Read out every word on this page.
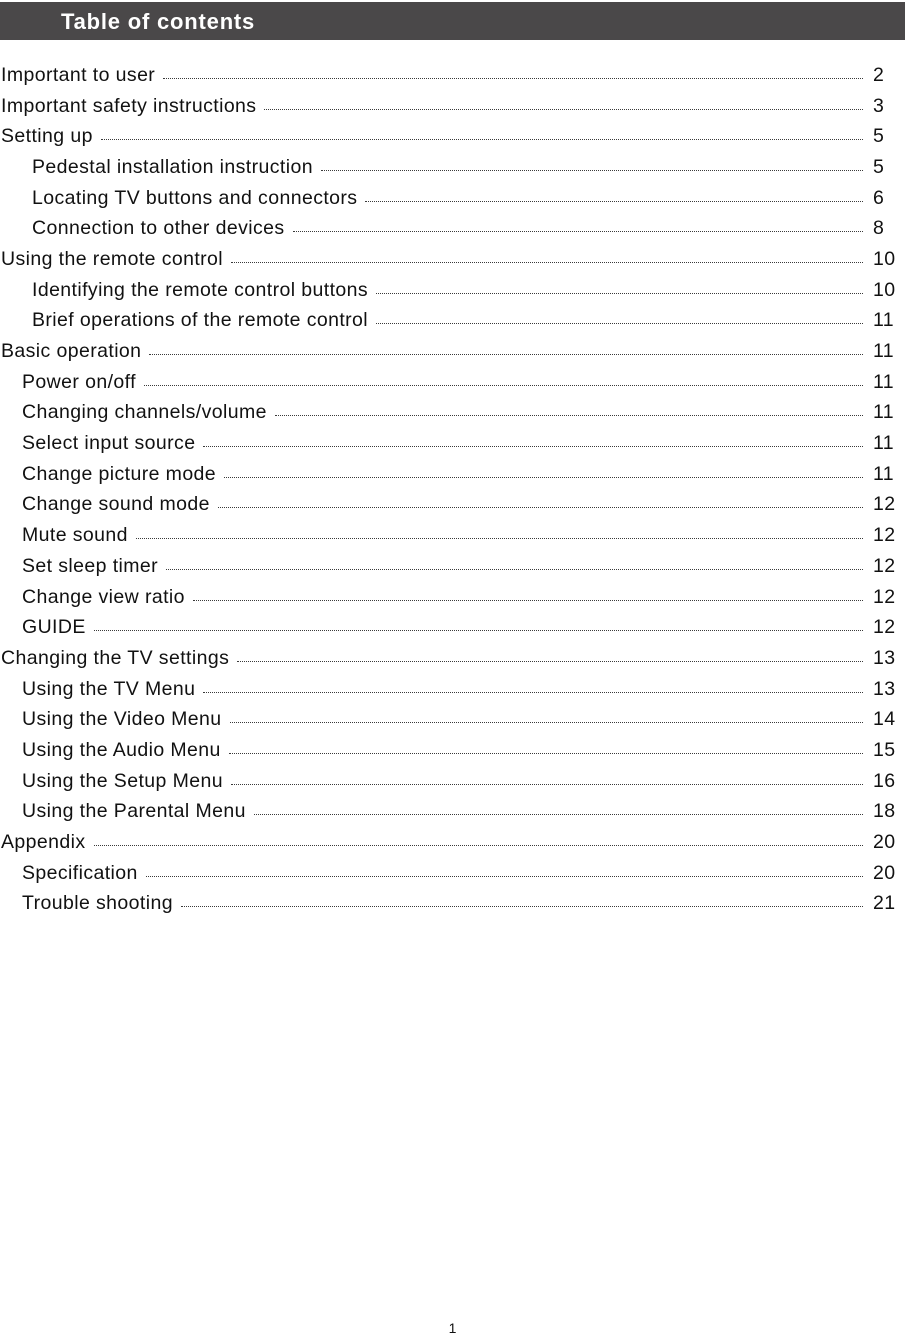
Table of contents
Important to user	2
Important safety instructions	3
Setting up	5
Pedestal installation instruction	5
Locating TV buttons and connectors	6
Connection to other devices	8
Using the remote control	10
Identifying the remote control buttons	10
Brief operations of the remote control	11
Basic operation	11
Power on/off	11
Changing channels/volume	11
Select input source	11
Change picture mode	11
Change sound mode	12
Mute sound	12
Set sleep timer	12
Change view ratio	12
GUIDE	12
Changing the TV settings	13
Using the TV Menu	13
Using the Video Menu	14
Using the Audio Menu	15
Using the Setup Menu	16
Using the Parental Menu	18
Appendix	20
Specification	20
Trouble shooting	21
1
